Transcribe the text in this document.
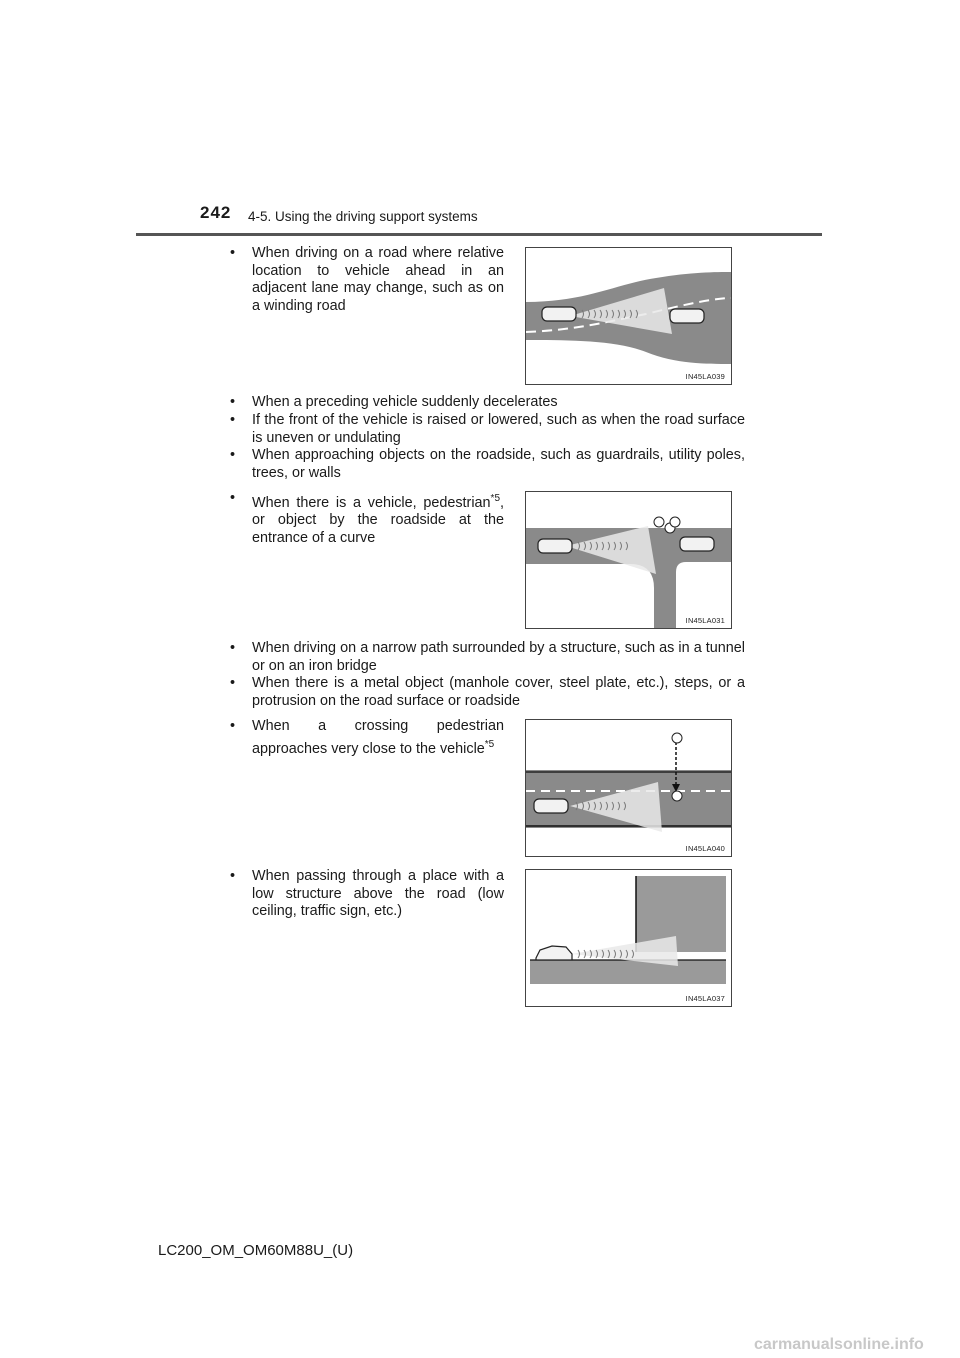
242 4-5. Using the driving support systems
• When driving on a road where relative location to vehicle ahead in an adjacent lane may change, such as on a winding road
IN45LA039
• When a preceding vehicle suddenly decelerates
• If the front of the vehicle is raised or lowered, such as when the road surface is uneven or undulating
• When approaching objects on the roadside, such as guardrails, utility poles, trees, or walls
• When there is a vehicle, pedestrian$^{*5}$, or object by the roadside at the entrance of a curve
IN45LA031
• When driving on a narrow path surrounded by a structure, such as in a tunnel or on an iron bridge
• When there is a metal object (manhole cover, steel plate, etc.), steps, or a protrusion on the road surface or roadside
• When a crossing pedestrian approaches very close to the vehicle$^{*5}$
IN45LA040
• When passing through a place with a low structure above the road (low ceiling, traffic sign, etc.)
IN45LA037
LC200_OM_OM60M88U_(U)
carmanualsonline.info
